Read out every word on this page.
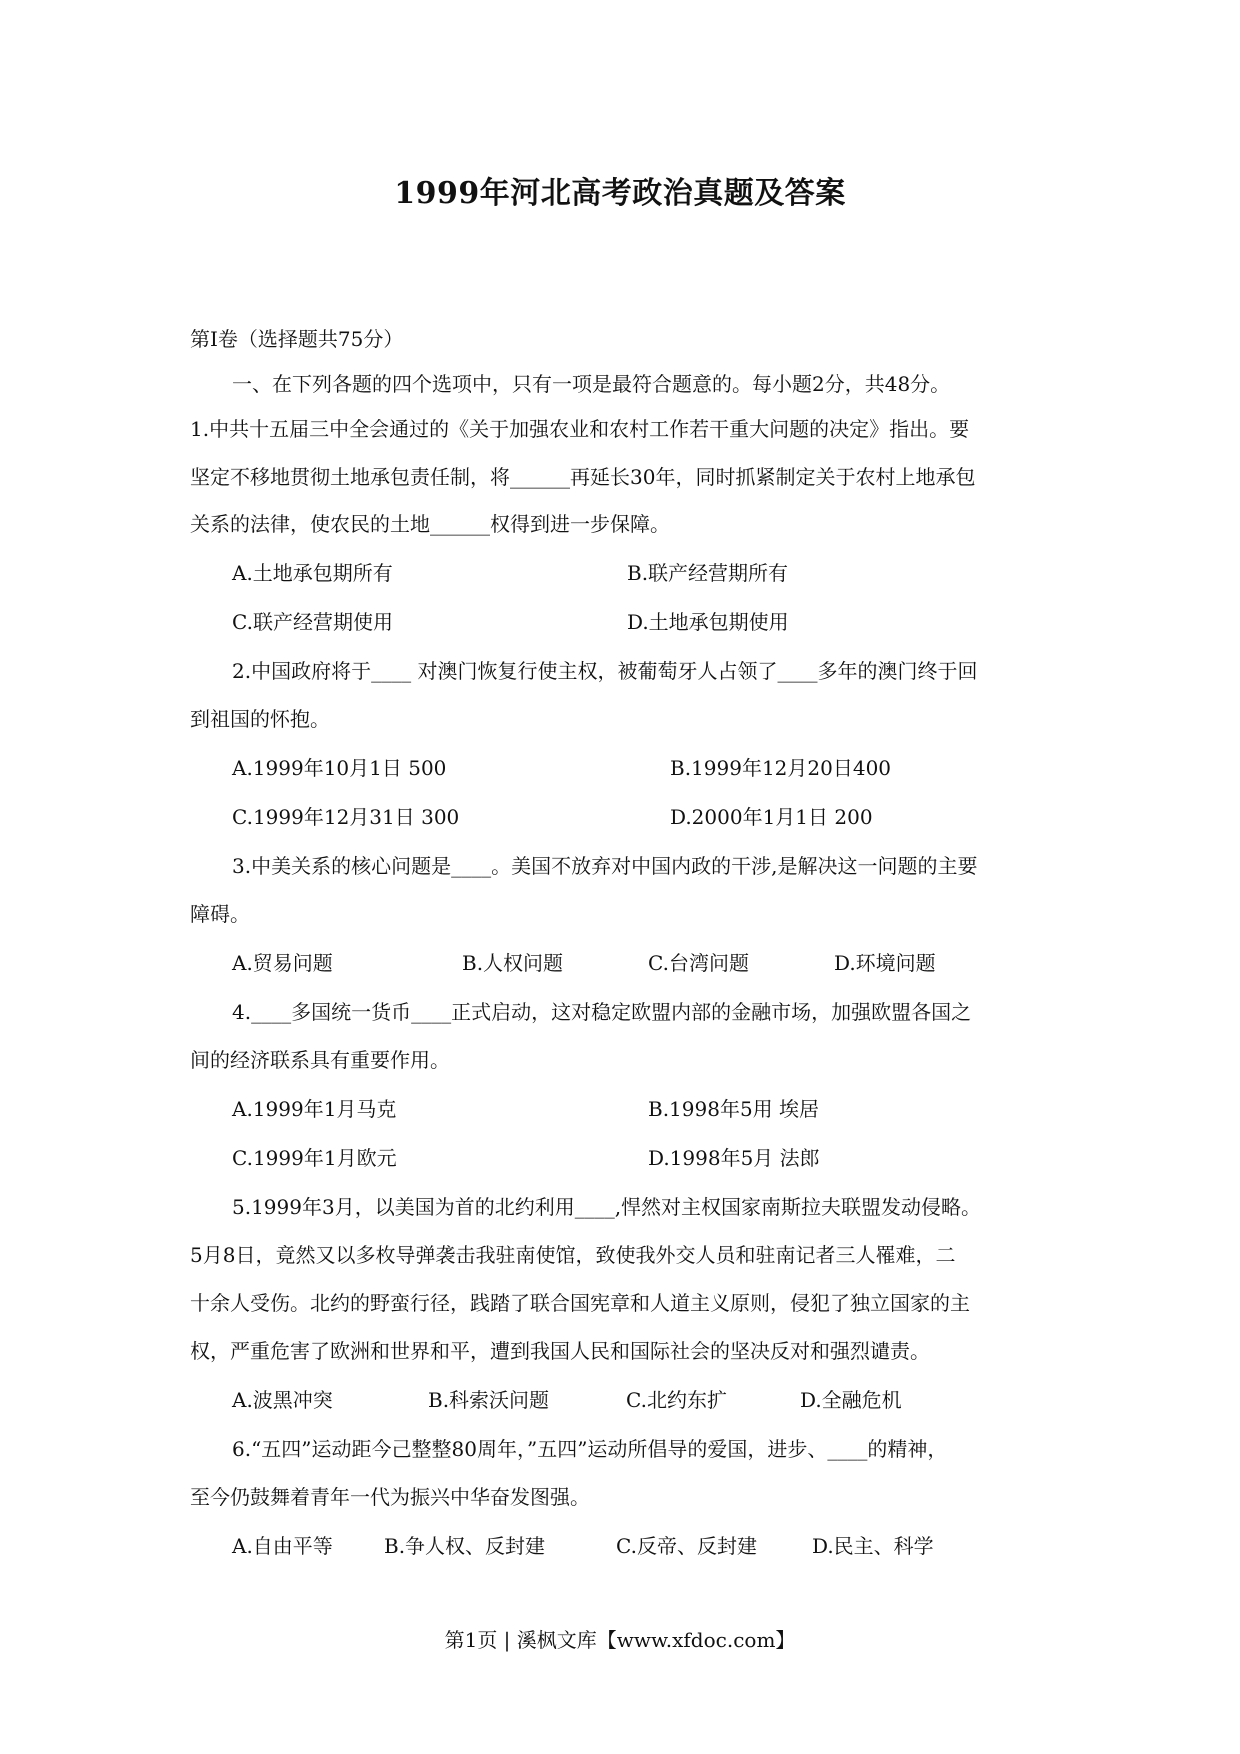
1999年河北高考政治真题及答案
第Ⅰ卷（选择题共75分）
一、在下列各题的四个选项中，只有一项是最符合题意的。每小题2分，共48分。
1.中共十五届三中全会通过的《关于加强农业和农村工作若干重大问题的决定》指出。要
坚定不移地贯彻土地承包责任制，将______再延长30年，同时抓紧制定关于农村上地承包
关系的法律，使农民的土地______权得到进一步保障。
A.土地承包期所有	B.联产经营期所有
C.联产经营期使用	D.土地承包期使用
2.中国政府将于____ 对澳门恢复行使主权，被葡萄牙人占领了____多年的澳门终于回
到祖国的怀抱。
A.1999年10月1日 500	B.1999年12月20日400
C.1999年12月31日 300	D.2000年1月1日 200
3.中美关系的核心问题是____。美国不放弃对中国内政的干涉,是解决这一问题的主要
障碍。
A.贸易问题	B.人权问题	C.台湾问题	D.环境问题
4.____多国统一货币____正式启动，这对稳定欧盟内部的金融市场，加强欧盟各国之
间的经济联系具有重要作用。
A.1999年1月马克	B.1998年5用 埃居
C.1999年1月欧元	D.1998年5月 法郎
5.1999年3月，以美国为首的北约利用____,悍然对主权国家南斯拉夫联盟发动侵略。
5月8日，竟然又以多枚导弹袭击我驻南使馆，致使我外交人员和驻南记者三人罹难，二
十余人受伤。北约的野蛮行径，践踏了联合国宪章和人道主义原则，侵犯了独立国家的主
权，严重危害了欧洲和世界和平，遭到我国人民和国际社会的坚决反对和强烈谴责。
A.波黑冲突	B.科索沃问题	C.北约东扩	D.全融危机
6.“五四”运动距今己整整80周年，”五四”运动所倡导的爱国，进步、____的精神，
至今仍鼓舞着青年一代为振兴中华奋发图强。
A.自由平等	B.争人权、反封建	C.反帝、反封建	D.民主、科学
第1页 | 溪枫文库【www.xfdoc.com】
